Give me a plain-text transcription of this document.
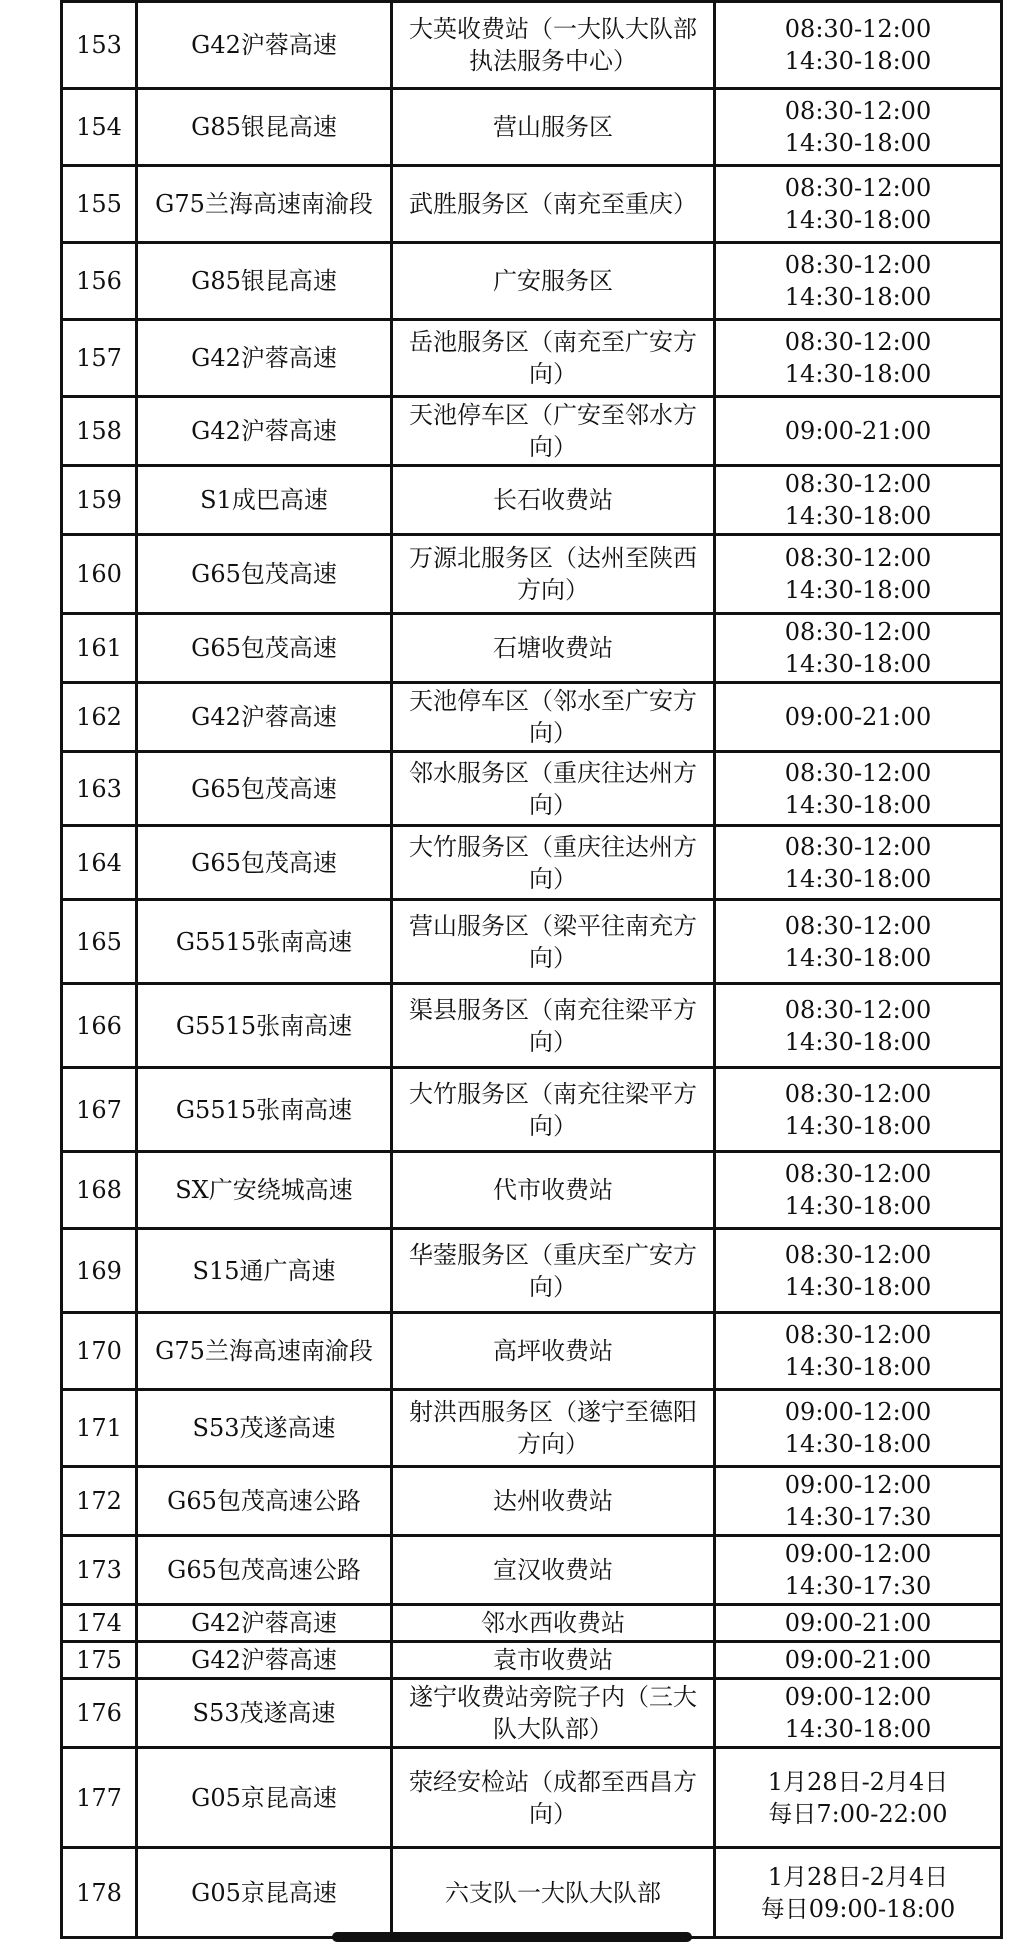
153	G42沪蓉高速	大英收费站（一大队大队部执法服务中心）	08:30-12:00
14:30-18:00

154	G85银昆高速	营山服务区	08:30-12:00
14:30-18:00

155	G75兰海高速南渝段	武胜服务区（南充至重庆）	08:30-12:00
14:30-18:00

156	G85银昆高速	广安服务区	08:30-12:00
14:30-18:00

157	G42沪蓉高速	岳池服务区（南充至广安方向）	08:30-12:00
14:30-18:00

158	G42沪蓉高速	天池停车区（广安至邻水方向）	09:00-21:00

159	S1成巴高速	长石收费站	08:30-12:00
14:30-18:00

160	G65包茂高速	万源北服务区（达州至陕西方向）	08:30-12:00
14:30-18:00

161	G65包茂高速	石塘收费站	08:30-12:00
14:30-18:00

162	G42沪蓉高速	天池停车区（邻水至广安方向）	09:00-21:00

163	G65包茂高速	邻水服务区（重庆往达州方向）	08:30-12:00
14:30-18:00

164	G65包茂高速	大竹服务区（重庆往达州方向）	08:30-12:00
14:30-18:00

165	G5515张南高速	营山服务区（梁平往南充方向）	08:30-12:00
14:30-18:00

166	G5515张南高速	渠县服务区（南充往梁平方向）	08:30-12:00
14:30-18:00

167	G5515张南高速	大竹服务区（南充往梁平方向）	08:30-12:00
14:30-18:00

168	SX广安绕城高速	代市收费站	08:30-12:00
14:30-18:00

169	S15通广高速	华蓥服务区（重庆至广安方向）	08:30-12:00
14:30-18:00

170	G75兰海高速南渝段	高坪收费站	08:30-12:00
14:30-18:00

171	S53茂遂高速	射洪西服务区（遂宁至德阳方向）	09:00-12:00
14:30-18:00

172	G65包茂高速公路	达州收费站	09:00-12:00
14:30-17:30

173	G65包茂高速公路	宣汉收费站	09:00-12:00
14:30-17:30

174	G42沪蓉高速	邻水西收费站	09:00-21:00

175	G42沪蓉高速	袁市收费站	09:00-21:00

176	S53茂遂高速	遂宁收费站旁院子内（三大队大队部）	09:00-12:00
14:30-18:00

177	G05京昆高速	荥经安检站（成都至西昌方向）	1月28日-2月4日
每日7:00-22:00

178	G05京昆高速	六支队一大队大队部	1月28日-2月4日
每日09:00-18:00
